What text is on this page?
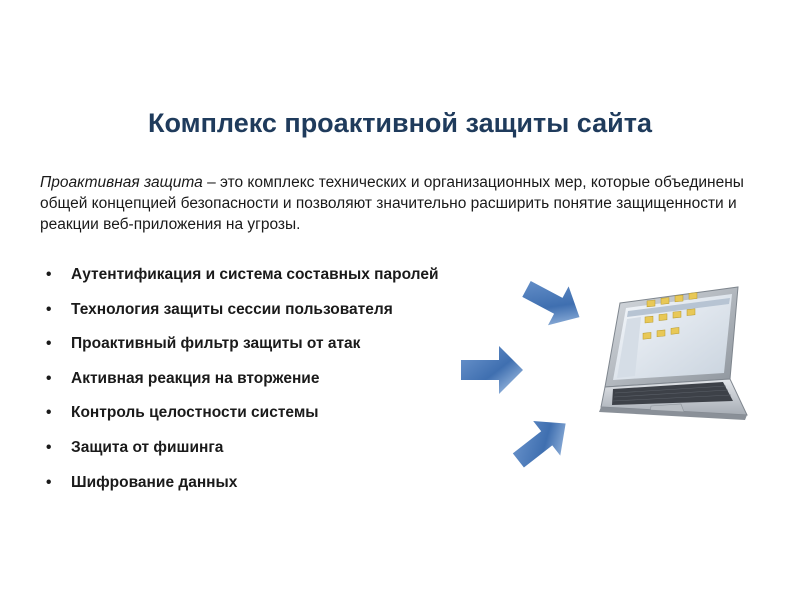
Комплекс проактивной защиты сайта
Проактивная защита – это комплекс технических и организационных мер, которые объединены общей концепцией безопасности и позволяют значительно расширить понятие защищенности и реакции веб-приложения на угрозы.
• Аутентификация и система составных паролей
• Технология защиты сессии пользователя
• Проактивный фильтр защиты от атак
• Активная реакция на вторжение
• Контроль целостности системы
• Защита от фишинга
• Шифрование данных
